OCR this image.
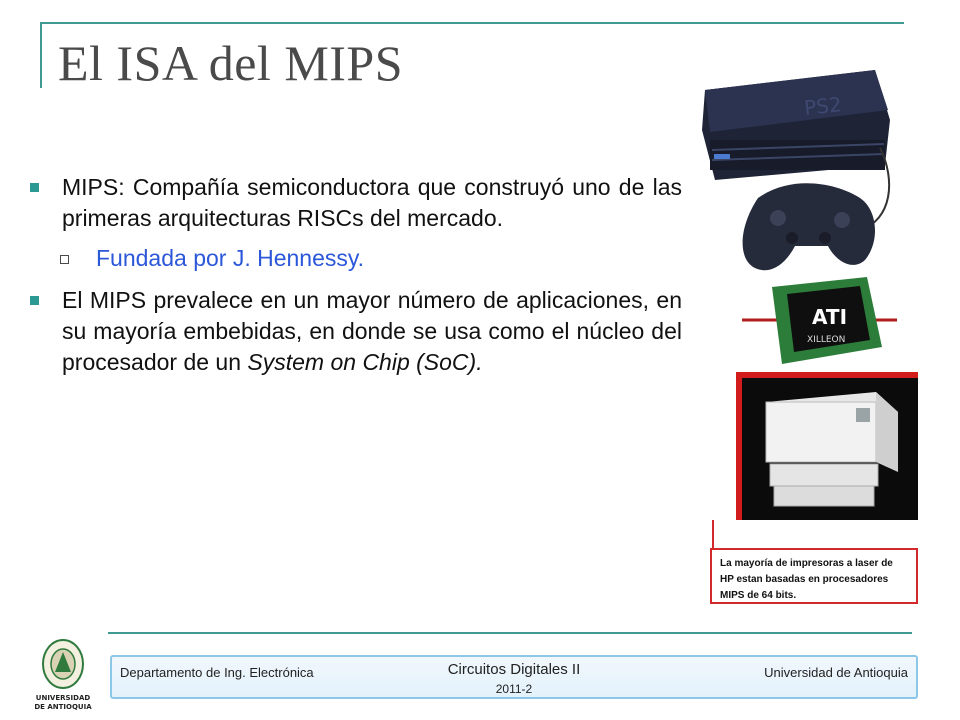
El ISA del MIPS
MIPS: Compañía semiconductora que construyó uno de las primeras arquitecturas RISCs del mercado.
Fundada por J. Hennessy.
El MIPS prevalece en un mayor número de aplicaciones, en su mayoría embebidas, en donde se usa como el núcleo del procesador de un System on Chip (SoC).
PS2
ATI
XILLEON
La mayoría de impresoras a laser de HP estan basadas en procesadores MIPS de 64 bits.
UNIVERSIDAD
DE ANTIOQUIA
Departamento de Ing. Electrónica	Circuitos Digitales II
2011-2
Universidad de Antioquia
